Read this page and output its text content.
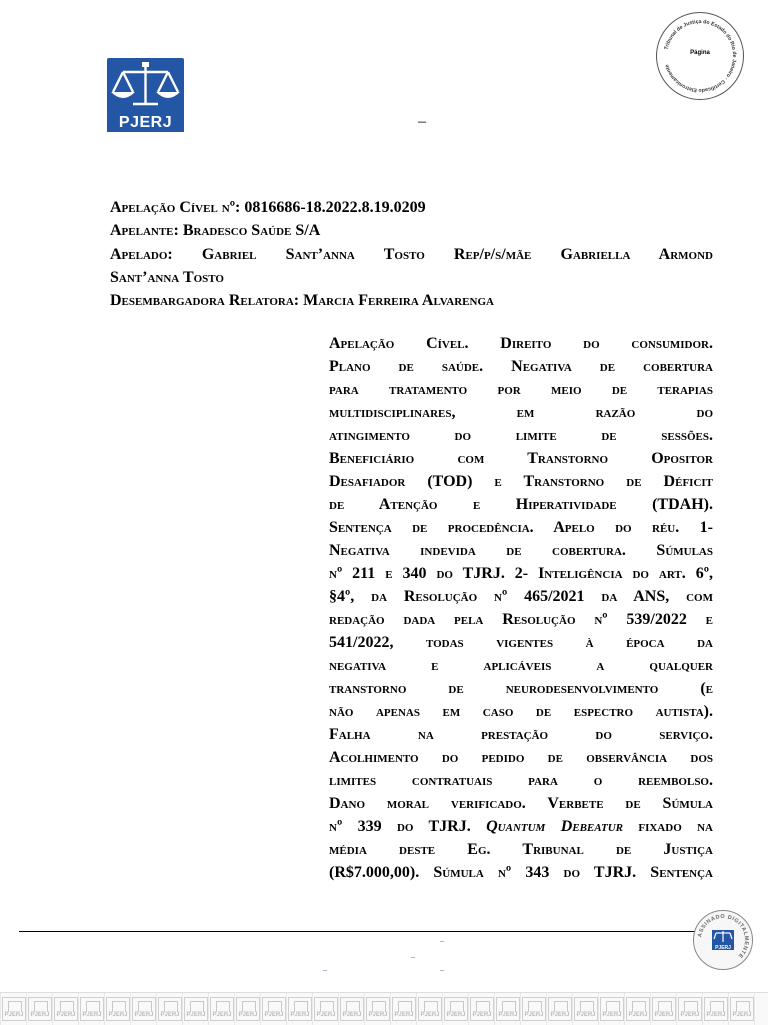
PJERJ	–
Tribunal de Justiça do Estado do Rio de Janeiro · Certificado Eletronicamente
Página
Apelação Cível nº: 0816686-18.2022.8.19.0209
Apelante: Bradesco Saúde S/A
Apelado: Gabriel Sant’anna Tosto Rep/p/s/mãe Gabriella Armond
Sant’anna Tosto
Desembargadora Relatora: Marcia Ferreira Alvarenga
Apelação Cível. Direito do consumidor.
Plano de saúde. Negativa de cobertura
para tratamento por meio de terapias
multidisciplinares, em razão do
atingimento do limite de sessões.
Beneficiário com Transtorno Opositor
Desafiador (TOD) e Transtorno de Déficit
de Atenção e Hiperatividade (TDAH).
Sentença de procedência. Apelo do réu. 1-
Negativa indevida de cobertura. Súmulas
nº 211 e 340 do TJRJ. 2- Inteligência do art. 6º,
§4º, da Resolução nº 465/2021 da ANS, com
redação dada pela Resolução nº 539/2022 e
541/2022, todas vigentes à época da
negativa e aplicáveis a qualquer
transtorno de neurodesenvolvimento (e
não apenas em caso de espectro autista).
Falha na prestação do serviço.
Acolhimento do pedido de observância dos
limites contratuais para o reembolso.
Dano moral verificado. Verbete de Súmula
nº 339 do TJRJ. Quantum Debeatur fixado na
média deste Eg. Tribunal de Justiça
(R$7.000,00). Súmula nº 343 do TJRJ. Sentença
_
_
_	_
ASSINADO DIGITALMENTE
PJERJ
PJERJ	PJERJ	PJERJ	PJERJ	PJERJ	PJERJ	PJERJ	PJERJ	PJERJ	PJERJ	PJERJ	PJERJ	PJERJ	PJERJ	PJERJ	PJERJ	PJERJ	PJERJ	PJERJ	PJERJ	PJERJ	PJERJ	PJERJ	PJERJ	PJERJ	PJERJ	PJERJ	PJERJ	PJERJ
